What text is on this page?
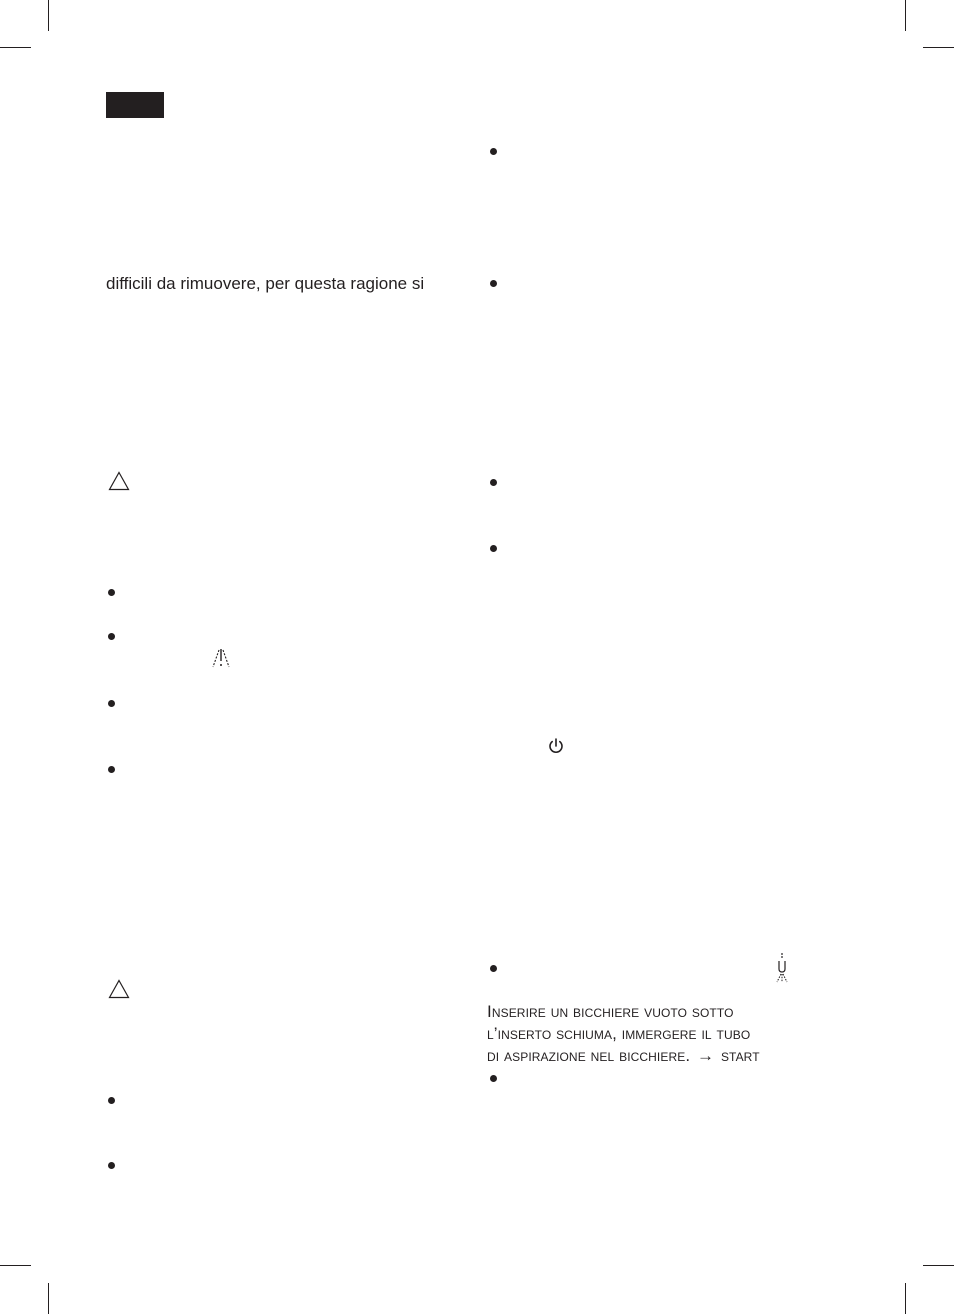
difficili da rimuovere, per questa ragione si
Inserire un bicchiere vuoto sotto
l’inserto schiuma, immergere il tubo
di aspirazione nel bicchiere. → start
